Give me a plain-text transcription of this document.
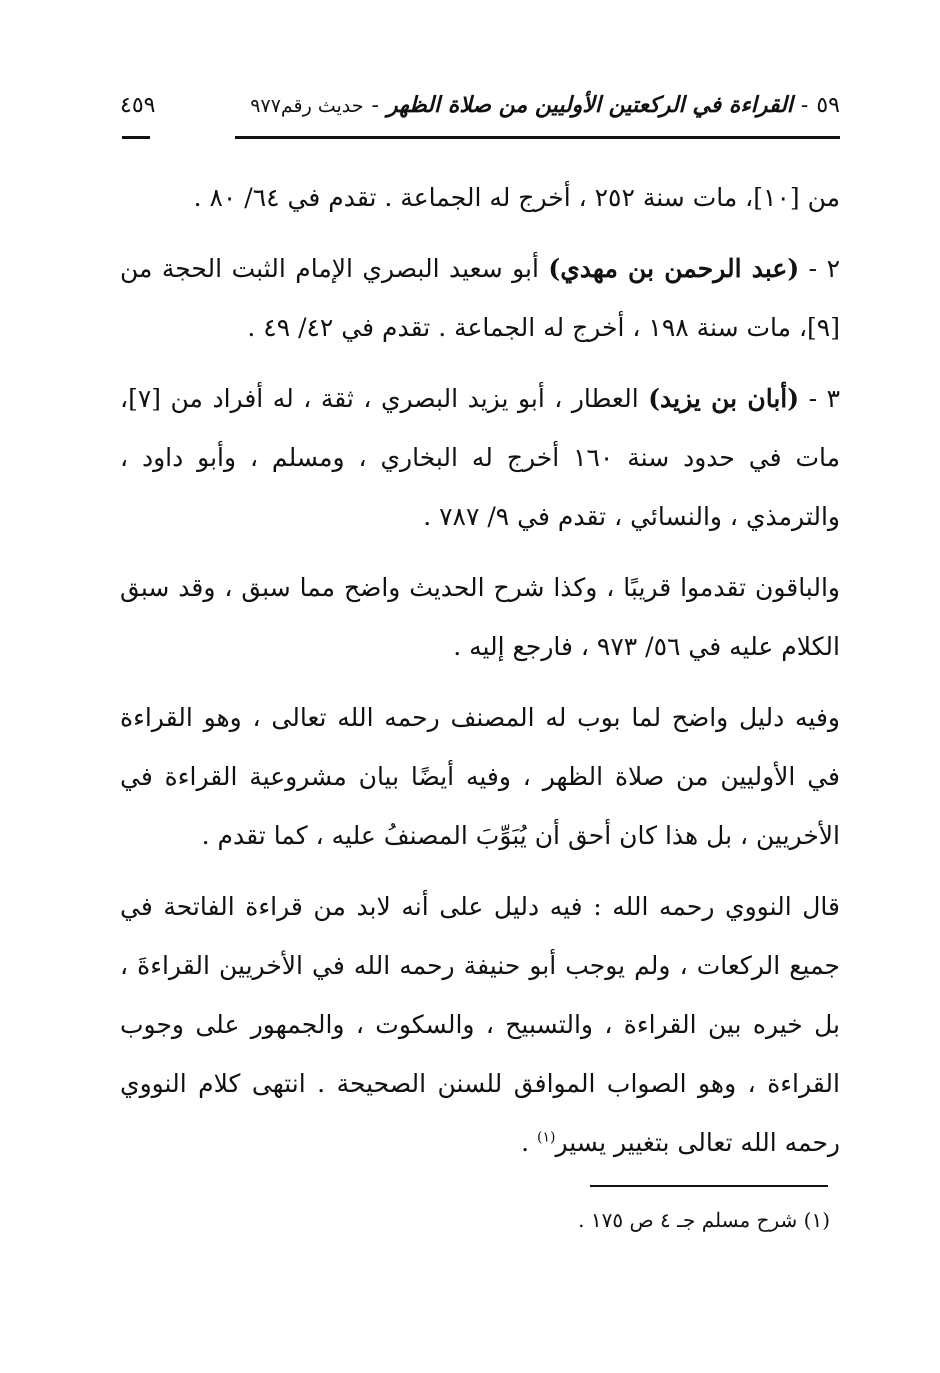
٥٩
-
القراءة في الركعتين الأوليين من صلاة الظهر
-
حديث رقم٩٧٧
٤٥٩

من [١٠]، مات سنة ٢٥٢ ، أخرج له الجماعة . تقدم في ٦٤/ ٨٠ .

٢ - (عبد الرحمن بن مهدي) أبو سعيد البصري الإمام الثبت الحجة من [٩]، مات سنة ١٩٨ ، أخرج له الجماعة . تقدم في ٤٢/ ٤٩ .

٣ - (أبان بن يزيد) العطار ، أبو يزيد البصري ، ثقة ، له أفراد من [٧]، مات في حدود سنة ١٦٠ أخرج له البخاري ، ومسلم ، وأبو داود ، والترمذي ، والنسائي ، تقدم في ٩/ ٧٨٧ .

والباقون تقدموا قريبًا ، وكذا شرح الحديث واضح مما سبق ، وقد سبق الكلام عليه في ٥٦/ ٩٧٣ ، فارجع إليه .

وفيه دليل واضح لما بوب له المصنف رحمه الله تعالى ، وهو القراءة في الأوليين من صلاة الظهر ، وفيه أيضًا بيان مشروعية القراءة في الأخريين ، بل هذا كان أحق أن يُبَوِّبَ المصنفُ عليه ، كما تقدم .

قال النووي رحمه الله : فيه دليل على أنه لابد من قراءة الفاتحة في جميع الركعات ، ولم يوجب أبو حنيفة رحمه الله في الأخريين القراءةَ ، بل خيره بين القراءة ، والتسبيح ، والسكوت ، والجمهور على وجوب القراءة ، وهو الصواب الموافق للسنن الصحيحة . انتهى كلام النووي رحمه الله تعالى بتغيير يسير$^{(١)}$ .

(١) شرح مسلم جـ ٤ ص ١٧٥ .
